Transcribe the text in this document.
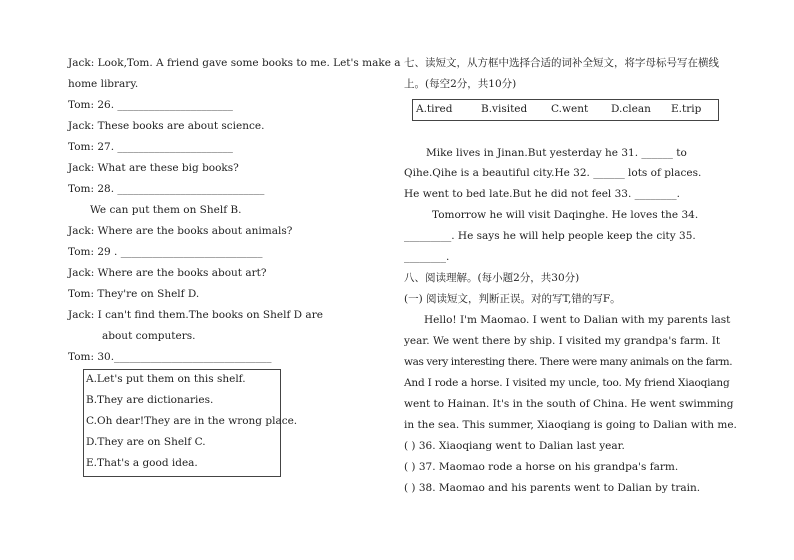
Jack: Look,Tom. A friend gave some books to me. Let's make a
home library.
Tom: 26. ______________________
Jack: These books are about science.
Tom: 27. ______________________
Jack: What are these big books?
Tom: 28. ____________________________
We can put them on Shelf B.
Jack: Where are the books about animals?
Tom: 29 . ___________________________
Jack: Where are the books about art?
Tom: They're on Shelf D.
Jack: I can't find them.The books on Shelf D are
about computers.
Tom: 30.______________________________
A.Let's put them on this shelf.
B.They are dictionaries.
C.Oh dear!They are in the wrong place.
D.They are on Shelf C.
E.That's a good idea.
七、读短文，从方框中选择合适的词补全短文，将字母标号写在横线
上。(每空2分，共10分)
A.tired	B.visited C.went D.clean E.trip
Mike lives in Jinan.But yesterday he 31. ______ to
Qihe.Qihe is a beautiful city.He 32. ______ lots of places.
He went to bed late.But he did not feel 33. ________.
Tomorrow he will visit Daqinghe. He loves the 34.
_________. He says he will help people keep the city 35.
________.
八、阅读理解。(每小题2分，共30分)
(一) 阅读短文，判断正误。对的写T,错的写F。
Hello! I'm Maomao. I went to Dalian with my parents last
year. We went there by ship. I visited my grandpa's farm. It
was very interesting there. There were many animals on the farm.
And I rode a horse. I visited my uncle, too. My friend Xiaoqiang
went to Hainan. It's in the south of China. He went swimming
in the sea. This summer, Xiaoqiang is going to Dalian with me.
( ) 36. Xiaoqiang went to Dalian last year.
( ) 37. Maomao rode a horse on his grandpa's farm.
( ) 38. Maomao and his parents went to Dalian by train.
